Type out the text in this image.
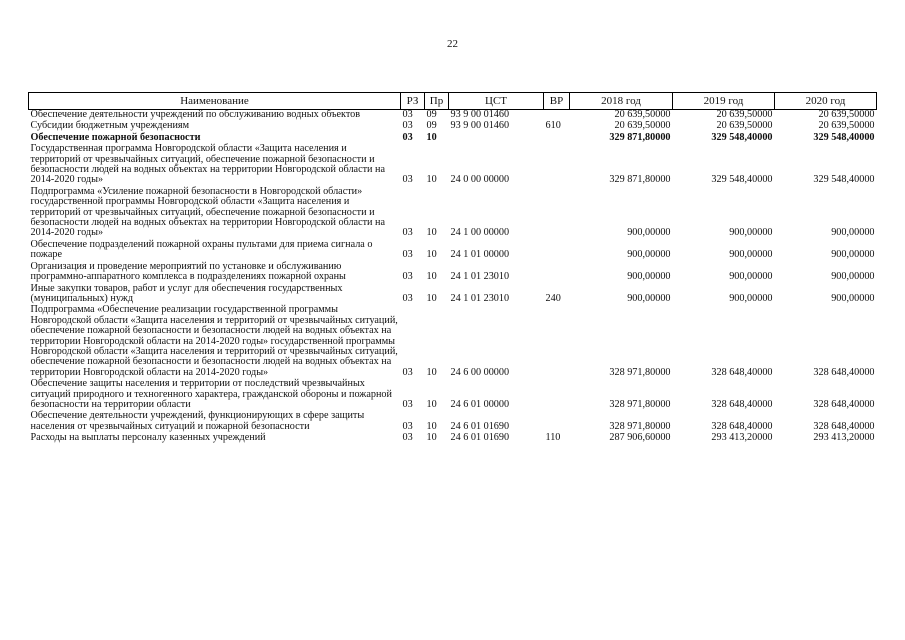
22
Наименование	РЗ	Пр	ЦСТ	ВР	2018 год	2019 год	2020 год
Обеспечение деятельности учреждений по обслуживанию водных объектов	03	09	93 9 00 01460		20 639,50000	20 639,50000	20 639,50000
Субсидии бюджетным учреждениям	03	09	93 9 00 01460	610	20 639,50000	20 639,50000	20 639,50000
Обеспечение пожарной безопасности	03	10			329 871,80000	329 548,40000	329 548,40000
Государственная программа Новгородской области «Защита населения и территорий от чрезвычайных ситуаций, обеспечение пожарной безопасности и безопасности людей на водных объектах на территории Новгородской области на 2014-2020 годы»	03	10	24 0 00 00000		329 871,80000	329 548,40000	329 548,40000
Подпрограмма «Усиление пожарной безопасности в Новгородской области» государственной программы Новгородской области «Защита населения и территорий от чрезвычайных ситуаций, обеспечение пожарной безопасности и безопасности людей на водных объектах на территории Новгородской области на 2014-2020 годы»	03	10	24 1 00 00000		900,00000	900,00000	900,00000
Обеспечение подразделений пожарной охраны пультами для приема сигнала о пожаре	03	10	24 1 01 00000		900,00000	900,00000	900,00000
Организация и проведение мероприятий по установке и обслуживанию программно-аппаратного комплекса в подразделениях пожарной охраны	03	10	24 1 01 23010		900,00000	900,00000	900,00000
Иные закупки товаров, работ и услуг для обеспечения государственных (муниципальных) нужд	03	10	24 1 01 23010	240	900,00000	900,00000	900,00000
Подпрограмма «Обеспечение реализации государственной программы Новгородской области «Защита населения и территорий от чрезвычайных ситуаций, обеспечение пожарной безопасности и безопасности людей на водных объектах на территории Новгородской области на 2014-2020 годы» государственной программы Новгородской области «Защита населения и территорий от чрезвычайных ситуаций, обеспечение пожарной безопасности и безопасности людей на водных объектах на территории Новгородской области на 2014-2020 годы»	03	10	24 6 00 00000		328 971,80000	328 648,40000	328 648,40000
Обеспечение защиты населения и территории от последствий чрезвычайных ситуаций природного и техногенного характера, гражданской обороны и пожарной безопасности на территории области	03	10	24 6 01 00000		328 971,80000	328 648,40000	328 648,40000
Обеспечение деятельности учреждений, функционирующих в сфере защиты населения от чрезвычайных ситуаций и пожарной безопасности	03	10	24 6 01 01690		328 971,80000	328 648,40000	328 648,40000
Расходы на выплаты персоналу казенных учреждений	03	10	24 6 01 01690	110	287 906,60000	293 413,20000	293 413,20000
